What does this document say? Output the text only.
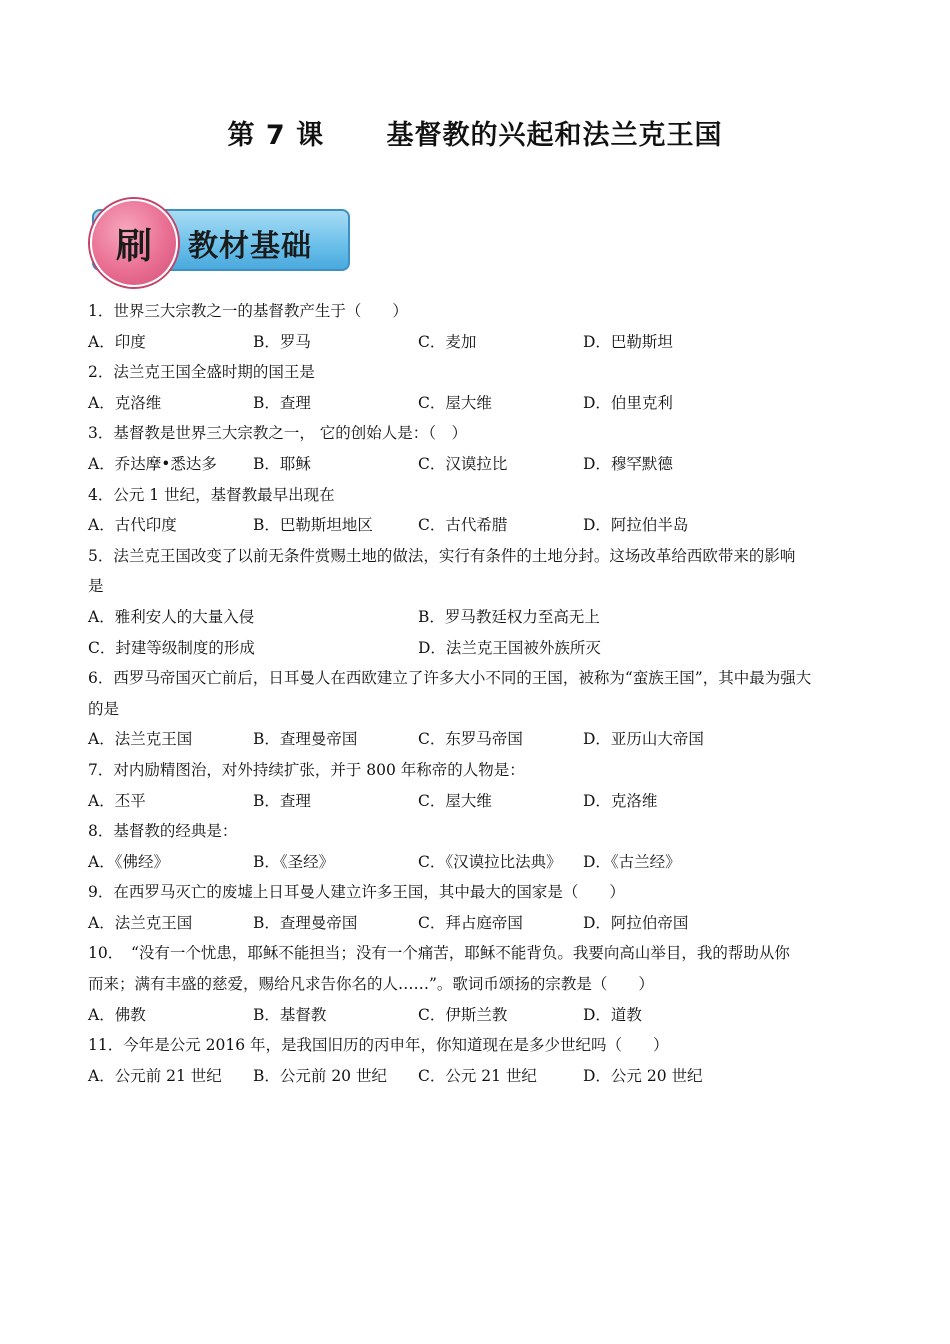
第 7 课      基督教的兴起和法兰克王国
刷	教材基础
1．世界三大宗教之一的基督教产生于（　　）
A．印度	B．罗马	C．麦加	D．巴勒斯坦
2．法兰克王国全盛时期的国王是
A．克洛维	B．查理	C．屋大维	D．伯里克利
3．基督教是世界三大宗教之一， 它的创始人是：（　）
A．乔达摩•悉达多 B．耶稣	C．汉谟拉比	D．穆罕默德
4．公元 1 世纪，基督教最早出现在
A．古代印度	B．巴勒斯坦地区	C．古代希腊	D．阿拉伯半岛
5．法兰克王国改变了以前无条件赏赐土地的做法，实行有条件的土地分封。这场改革给西欧带来的影响
是
A．雅利安人的大量入侵	B．罗马教廷权力至高无上
C．封建等级制度的形成	D．法兰克王国被外族所灭
6．西罗马帝国灭亡前后，日耳曼人在西欧建立了许多大小不同的王国，被称为“蛮族王国”，其中最为强大
的是
A．法兰克王国	B．查理曼帝国	C．东罗马帝国	D．亚历山大帝国
7．对内励精图治，对外持续扩张，并于 800 年称帝的人物是：
A．丕平	B．查理	C．屋大维	D．克洛维
8．基督教的经典是：
A．《佛经》	B．《圣经》	C．《汉谟拉比法典》 D．《古兰经》
9．在西罗马灭亡的废墟上日耳曼人建立许多王国，其中最大的国家是（　　）
A．法兰克王国	B．查理曼帝国	C．拜占庭帝国	D．阿拉伯帝国
10．　“没有一个忧患，耶稣不能担当；没有一个痛苦，耶稣不能背负。我要向高山举目，我的帮助从你
而来；满有丰盛的慈爱，赐给凡求告你名的人……”。歌词币颂扬的宗教是（　　）
A．佛教	B．基督教	C．伊斯兰教	D．道教
11．今年是公元 2016 年，是我国旧历的丙申年，你知道现在是多少世纪吗（　　）
A．公元前 21 世纪 B．公元前 20 世纪 C．公元 21 世纪	D．公元 20 世纪
